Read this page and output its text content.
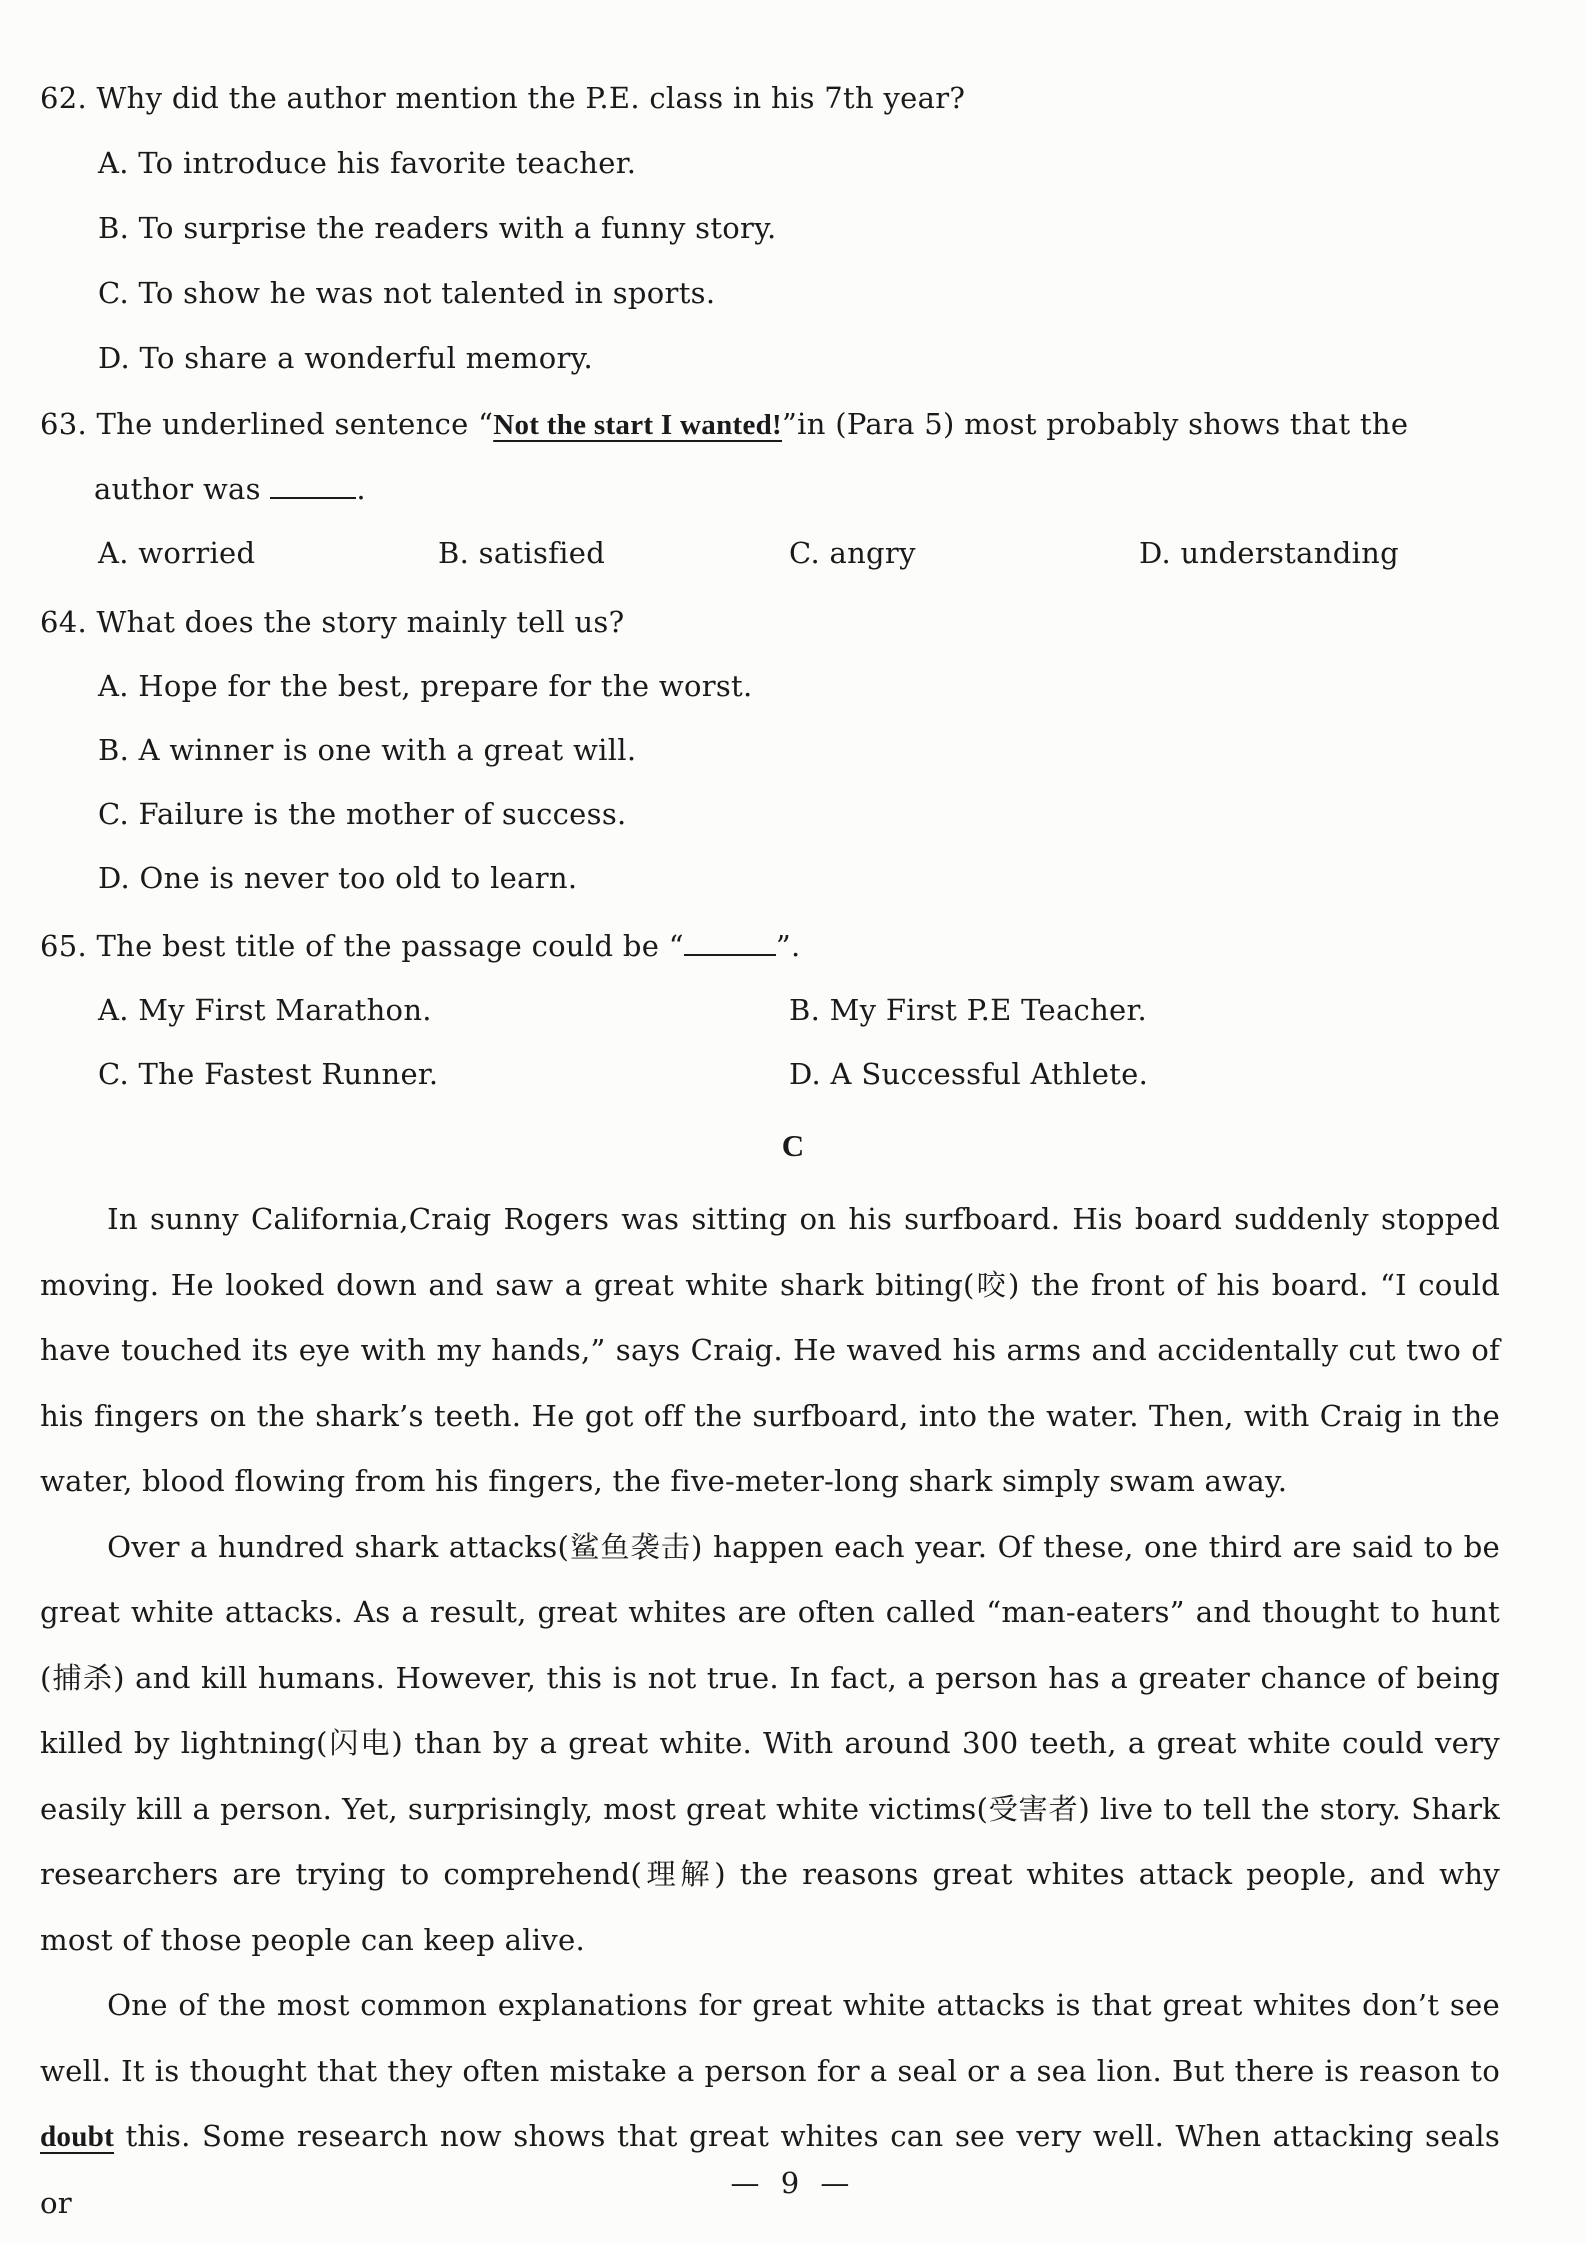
62. Why did the author mention the P.E. class in his 7th year?
A. To introduce his favorite teacher.
B. To surprise the readers with a funny story.
C. To show he was not talented in sports.
D. To share a wonderful memory.
63. The underlined sentence “Not the start I wanted!”in (Para 5) most probably shows that the
author was	.
A. worried	B. satisfied	C. angry	D. understanding
64. What does the story mainly tell us?
A. Hope for the best, prepare for the worst.
B. A winner is one with a great will.
C. Failure is the mother of success.
D. One is never too old to learn.
65. The best title of the passage could be “	”.
A. My First Marathon.	B. My First P.E Teacher.
C. The Fastest Runner.	D. A Successful Athlete.
C

In sunny California,Craig Rogers was sitting on his surfboard. His board suddenly stopped moving. He looked down and saw a great white shark biting(咬) the front of his board. “I could have touched its eye with my hands,” says Craig. He waved his arms and accidentally cut two of his fingers on the shark’s teeth. He got off the surfboard, into the water. Then, with Craig in the water, blood flowing from his fingers, the five-meter-long shark simply swam away.

Over a hundred shark attacks(鲨鱼袭击) happen each year. Of these, one third are said to be great white attacks. As a result, great whites are often called “man-eaters” and thought to hunt (捕杀) and kill humans. However, this is not true. In fact, a person has a greater chance of being killed by lightning(闪电) than by a great white. With around 300 teeth, a great white could very easily kill a person. Yet, surprisingly, most great white victims(受害者) live to tell the story. Shark researchers are trying to comprehend(理解) the reasons great whites attack people, and why most of those people can keep alive.

One of the most common explanations for great white attacks is that great whites don’t see well. It is thought that they often mistake a person for a seal or a sea lion. But there is reason to doubt this. Some research now shows that great whites can see very well. When attacking seals or

— 9 —
